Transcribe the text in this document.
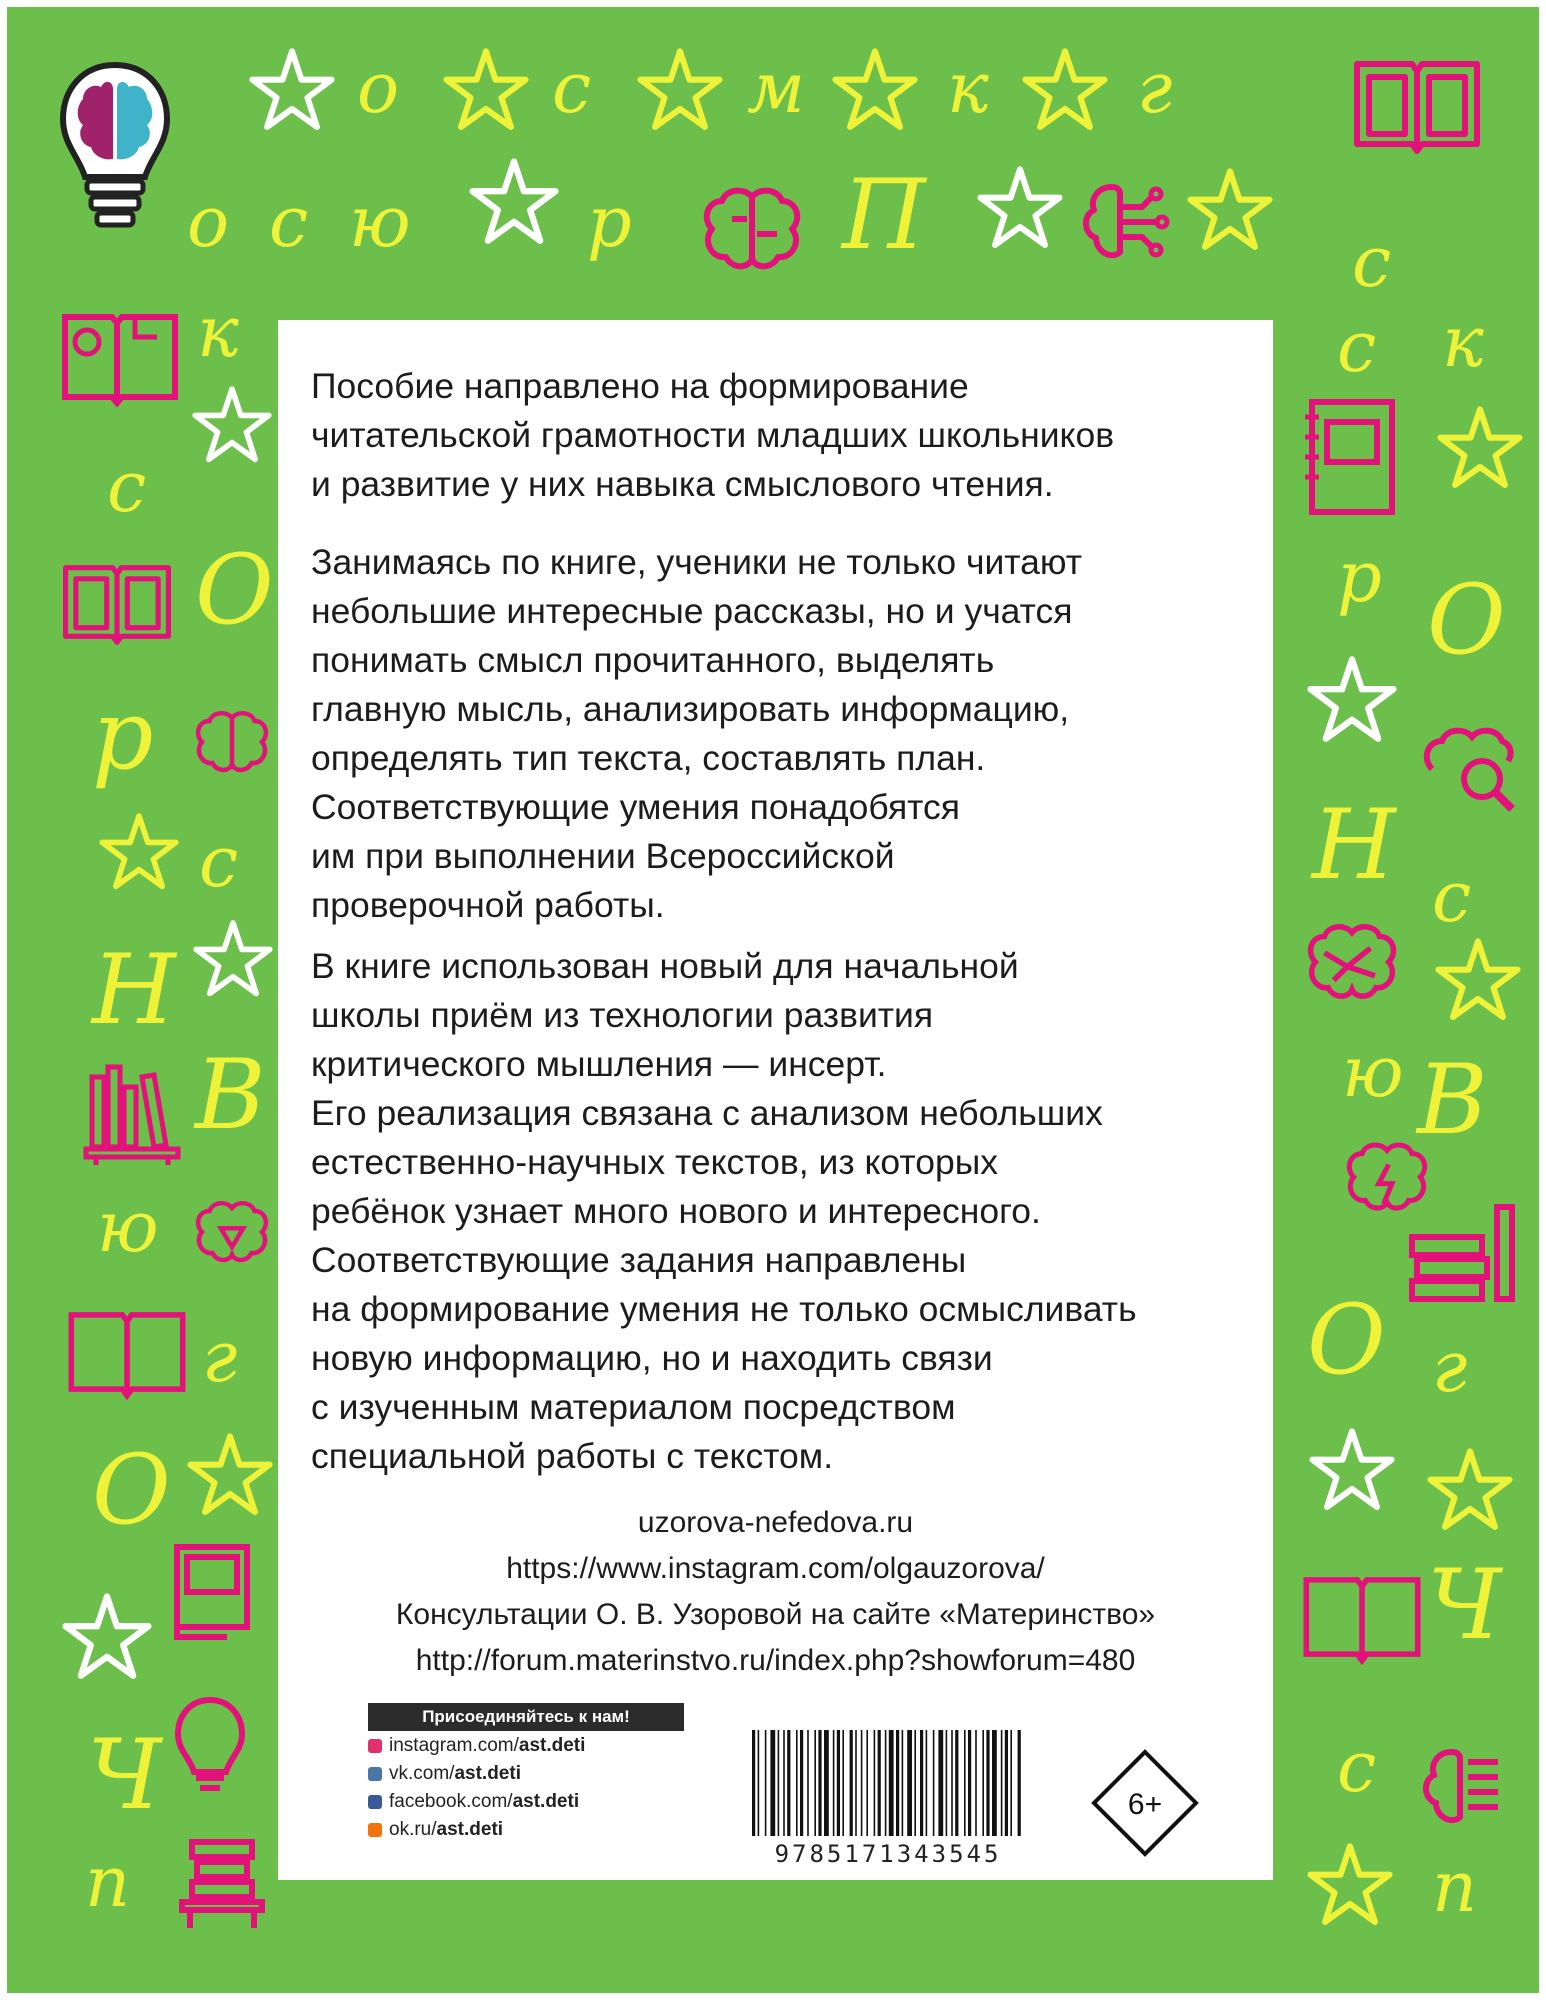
о с м к г
о с ю	р П
к
с
О
р
с
Н
В
ю
г
О
Ч
п
с
к
с
р О
Н с
ю В
О г
Ч
с
п
Пособие направлено на формирование
читательской грамотности младших школьников
и развитие у них навыка смыслового чтения.
Занимаясь по книге, ученики не только читают
небольшие интересные рассказы, но и учатся
понимать смысл прочитанного, выделять
главную мысль, анализировать информацию,
определять тип текста, составлять план.
Соответствующие умения понадобятся
им при выполнении Всероссийской
проверочной работы.
В книге использован новый для начальной
школы приём из технологии развития
критического мышления — инсерт.
Его реализация связана с анализом небольших
естественно-научных текстов, из которых
ребёнок узнает много нового и интересного.
Соответствующие задания направлены
на формирование умения не только осмысливать
новую информацию, но и находить связи
с изученным материалом посредством
специальной работы с текстом.
uzorova-nefedova.ru
https://www.instagram.com/olgauzorova/
Консультации О. В. Узоровой на сайте «Материнство»
http://forum.materinstvo.ru/index.php?showforum=480
Присоединяйтесь к нам!
instagram.com/ ast.deti
vk.com/ ast.deti
facebook.com/ ast.deti
ok.ru/ ast.deti
9785171343545
6+
